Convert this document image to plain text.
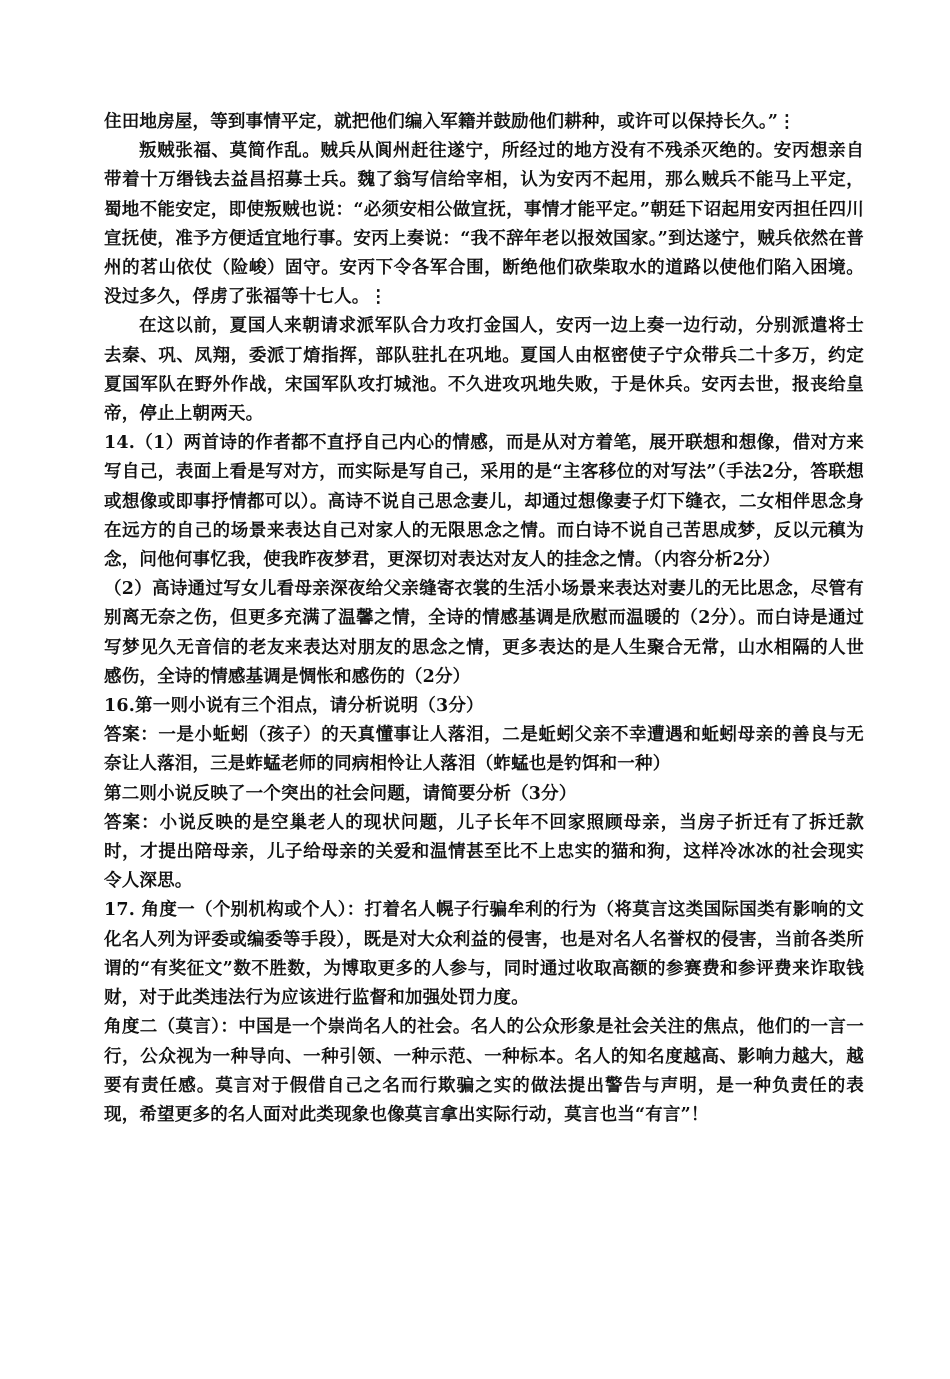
住田地房屋，等到事情平定，就把他们编入军籍并鼓励他们耕种，或许可以保持长久。”⋮

叛贼张福、莫简作乱。贼兵从阆州赶往遂宁，所经过的地方没有不残杀灭绝的。安丙想亲自带着十万缗钱去益昌招募士兵。魏了翁写信给宰相，认为安丙不起用，那么贼兵不能马上平定，蜀地不能安定，即使叛贼也说：“必须安相公做宣抚，事情才能平定。”朝廷下诏起用安丙担任四川宣抚使，准予方便适宜地行事。安丙上奏说：“我不辞年老以报效国家。”到达遂宁，贼兵依然在普州的茗山依仗（险峻）固守。安丙下令各军合围，断绝他们砍柴取水的道路以使他们陷入困境。没过多久，俘虏了张福等十七人。⋮

在这以前，夏国人来朝请求派军队合力攻打金国人，安丙一边上奏一边行动，分别派遣将士去秦、巩、凤翔，委派丁焴指挥，部队驻扎在巩地。夏国人由枢密使子宁众带兵二十多万，约定夏国军队在野外作战，宋国军队攻打城池。不久进攻巩地失败，于是休兵。安丙去世，报丧给皇帝，停止上朝两天。

14.（1）两首诗的作者都不直抒自己内心的情感，而是从对方着笔，展开联想和想像，借对方来写自己，表面上看是写对方，而实际是写自己，采用的是“主客移位的对写法”（手法2分，答联想或想像或即事抒情都可以）。高诗不说自己思念妻儿，却通过想像妻子灯下缝衣，二女相伴思念身在远方的自己的场景来表达自己对家人的无限思念之情。而白诗不说自己苦思成梦，反以元稹为念，问他何事忆我，使我昨夜梦君，更深切对表达对友人的挂念之情。（内容分析2分）

（2）高诗通过写女儿看母亲深夜给父亲缝寄衣裳的生活小场景来表达对妻儿的无比思念，尽管有别离无奈之伤，但更多充满了温馨之情，全诗的情感基调是欣慰而温暖的（2分）。而白诗是通过写梦见久无音信的老友来表达对朋友的思念之情，更多表达的是人生聚合无常，山水相隔的人世感伤，全诗的情感基调是惆怅和感伤的（2分）

16.第一则小说有三个泪点，请分析说明（3分）

答案：一是小蚯蚓（孩子）的天真懂事让人落泪，二是蚯蚓父亲不幸遭遇和蚯蚓母亲的善良与无奈让人落泪，三是蚱蜢老师的同病相怜让人落泪（蚱蜢也是钓饵和一种）

第二则小说反映了一个突出的社会问题，请简要分析（3分）

答案：小说反映的是空巢老人的现状问题，儿子长年不回家照顾母亲，当房子折迁有了拆迁款时，才提出陪母亲，儿子给母亲的关爱和温情甚至比不上忠实的猫和狗，这样冷冰冰的社会现实令人深思。

17. 角度一（个别机构或个人）：打着名人幌子行骗牟利的行为（将莫言这类国际国类有影响的文化名人列为评委或编委等手段），既是对大众利益的侵害，也是对名人名誉权的侵害，当前各类所谓的“有奖征文”数不胜数，为博取更多的人参与，同时通过收取高额的参赛费和参评费来诈取钱财，对于此类违法行为应该进行监督和加强处罚力度。

角度二（莫言）：中国是一个崇尚名人的社会。名人的公众形象是社会关注的焦点，他们的一言一行，公众视为一种导向、一种引领、一种示范、一种标本。名人的知名度越高、影响力越大，越要有责任感。莫言对于假借自己之名而行欺骗之实的做法提出警告与声明，是一种负责任的表现，希望更多的名人面对此类现象也像莫言拿出实际行动，莫言也当“有言”！
